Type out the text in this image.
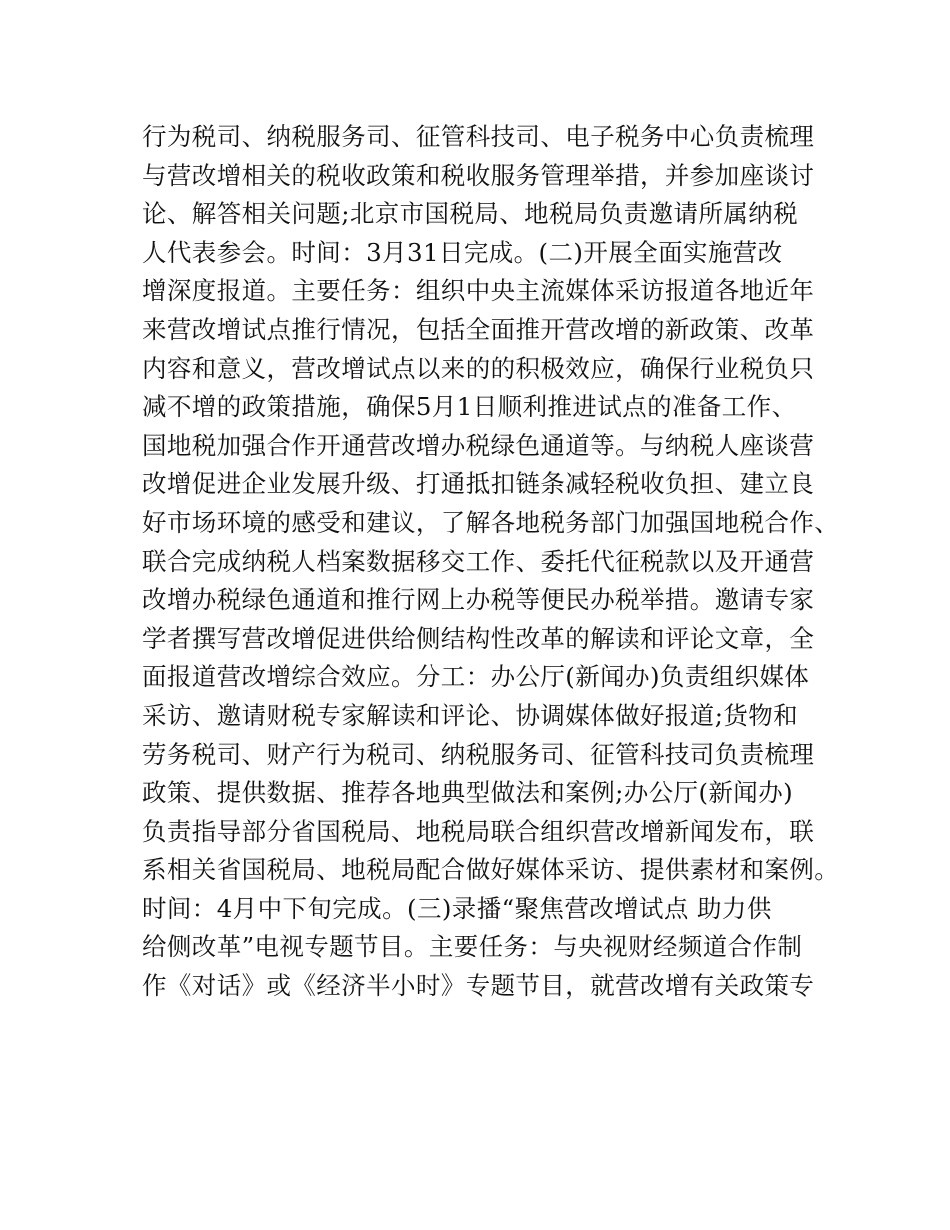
行为税司、纳税服务司、征管科技司、电子税务中心负责梳理
与营改增相关的税收政策和税收服务管理举措，并参加座谈讨
论、解答相关问题;北京市国税局、地税局负责邀请所属纳税
人代表参会。时间：3月31日完成。(二)开展全面实施营改
增深度报道。主要任务：组织中央主流媒体采访报道各地近年
来营改增试点推行情况，包括全面推开营改增的新政策、改革
内容和意义，营改增试点以来的的积极效应，确保行业税负只
减不增的政策措施，确保5月1日顺利推进试点的准备工作、
国地税加强合作开通营改增办税绿色通道等。与纳税人座谈营
改增促进企业发展升级、打通抵扣链条减轻税收负担、建立良
好市场环境的感受和建议，了解各地税务部门加强国地税合作、
联合完成纳税人档案数据移交工作、委托代征税款以及开通营
改增办税绿色通道和推行网上办税等便民办税举措。邀请专家
学者撰写营改增促进供给侧结构性改革的解读和评论文章，全
面报道营改增综合效应。分工：办公厅(新闻办)负责组织媒体
采访、邀请财税专家解读和评论、协调媒体做好报道;货物和
劳务税司、财产行为税司、纳税服务司、征管科技司负责梳理
政策、提供数据、推荐各地典型做法和案例;办公厅(新闻办)
负责指导部分省国税局、地税局联合组织营改增新闻发布，联
系相关省国税局、地税局配合做好媒体采访、提供素材和案例。
时间：4月中下旬完成。(三)录播“聚焦营改增试点 助力供
给侧改革”电视专题节目。主要任务：与央视财经频道合作制
作《对话》或《经济半小时》专题节目，就营改增有关政策专
